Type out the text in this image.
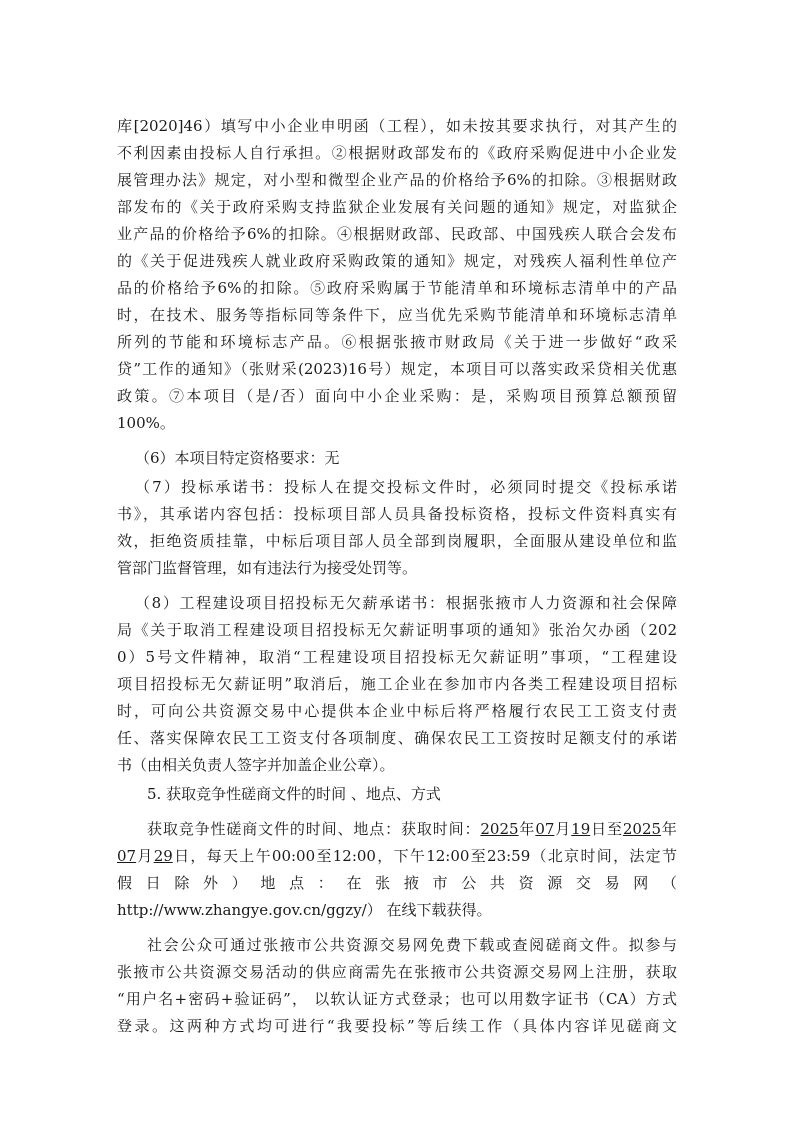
库[2020]46）填写中小企业申明函（工程），如未按其要求执行，对其产生的
不利因素由投标人自行承担。②根据财政部发布的《政府采购促进中小企业发
展管理办法》规定，对小型和微型企业产品的价格给予6%的扣除。③根据财政
部发布的《关于政府采购支持监狱企业发展有关问题的通知》规定，对监狱企
业产品的价格给予6%的扣除。④根据财政部、民政部、中国残疾人联合会发布
的《关于促进残疾人就业政府采购政策的通知》规定，对残疾人福利性单位产
品的价格给予6%的扣除。⑤政府采购属于节能清单和环境标志清单中的产品
时，在技术、服务等指标同等条件下，应当优先采购节能清单和环境标志清单
所列的节能和环境标志产品。⑥根据张掖市财政局《关于进一步做好“政采
贷”工作的通知》（张财采(2023)16号）规定，本项目可以落实政采贷相关优惠
政策。⑦本项目（是/否）面向中小企业采购：是，采购项目预算总额预留
100%。
（6）本项目特定资格要求：无
（7）投标承诺书：投标人在提交投标文件时，必须同时提交《投标承诺
书》，其承诺内容包括：投标项目部人员具备投标资格，投标文件资料真实有
效，拒绝资质挂靠，中标后项目部人员全部到岗履职，全面服从建设单位和监
管部门监督管理，如有违法行为接受处罚等。
（8）工程建设项目招投标无欠薪承诺书：根据张掖市人力资源和社会保障
局《关于取消工程建设项目招投标无欠薪证明事项的通知》张治欠办函（202
0）5号文件精神，取消“工程建设项目招投标无欠薪证明”事项，“工程建设
项目招投标无欠薪证明”取消后，施工企业在参加市内各类工程建设项目招标
时，可向公共资源交易中心提供本企业中标后将严格履行农民工工资支付责
任、落实保障农民工工资支付各项制度、确保农民工工资按时足额支付的承诺
书（由相关负责人签字并加盖企业公章）。
5. 获取竞争性磋商文件的时间 、地点、方式
获取竞争性磋商文件的时间、地点：获取时间：2025年07月19日至2025年
07月29日，每天上午00:00至12:00，下午12:00至23:59（北京时间，法定节
假 日 除 外 ） 地 点 ： 在 张 掖 市 公 共 资 源 交 易 网 （
http://www.zhangye.gov.cn/ggzy/） 在线下载获得。
社会公众可通过张掖市公共资源交易网免费下载或查阅磋商文件。拟参与
张掖市公共资源交易活动的供应商需先在张掖市公共资源交易网上注册，获取
“用户名+密码+验证码”， 以软认证方式登录；也可以用数字证书（CA）方式
登录。这两种方式均可进行“我要投标”等后续工作（具体内容详见磋商文
